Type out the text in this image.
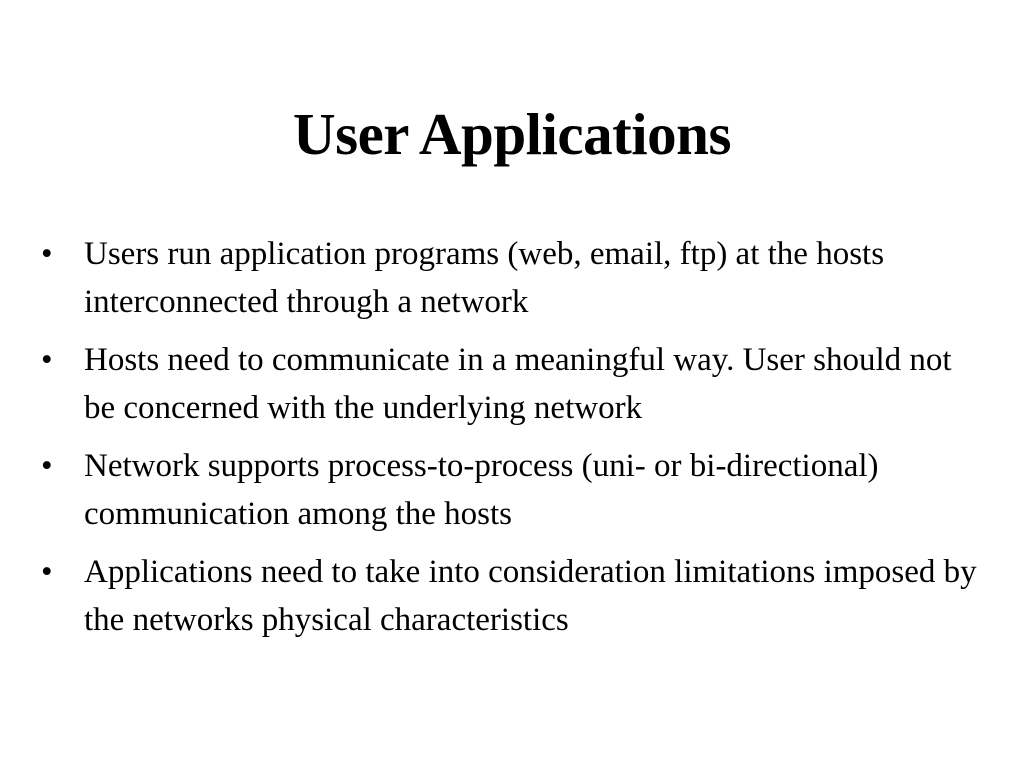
User Applications
• Users run application programs (web, email, ftp) at the hosts interconnected through a network
• Hosts need to communicate in a meaningful way. User should not be concerned with the underlying network
• Network supports process-to-process (uni- or bi-directional) communication among the hosts
• Applications need to take into consideration limitations imposed by the networks physical characteristics
